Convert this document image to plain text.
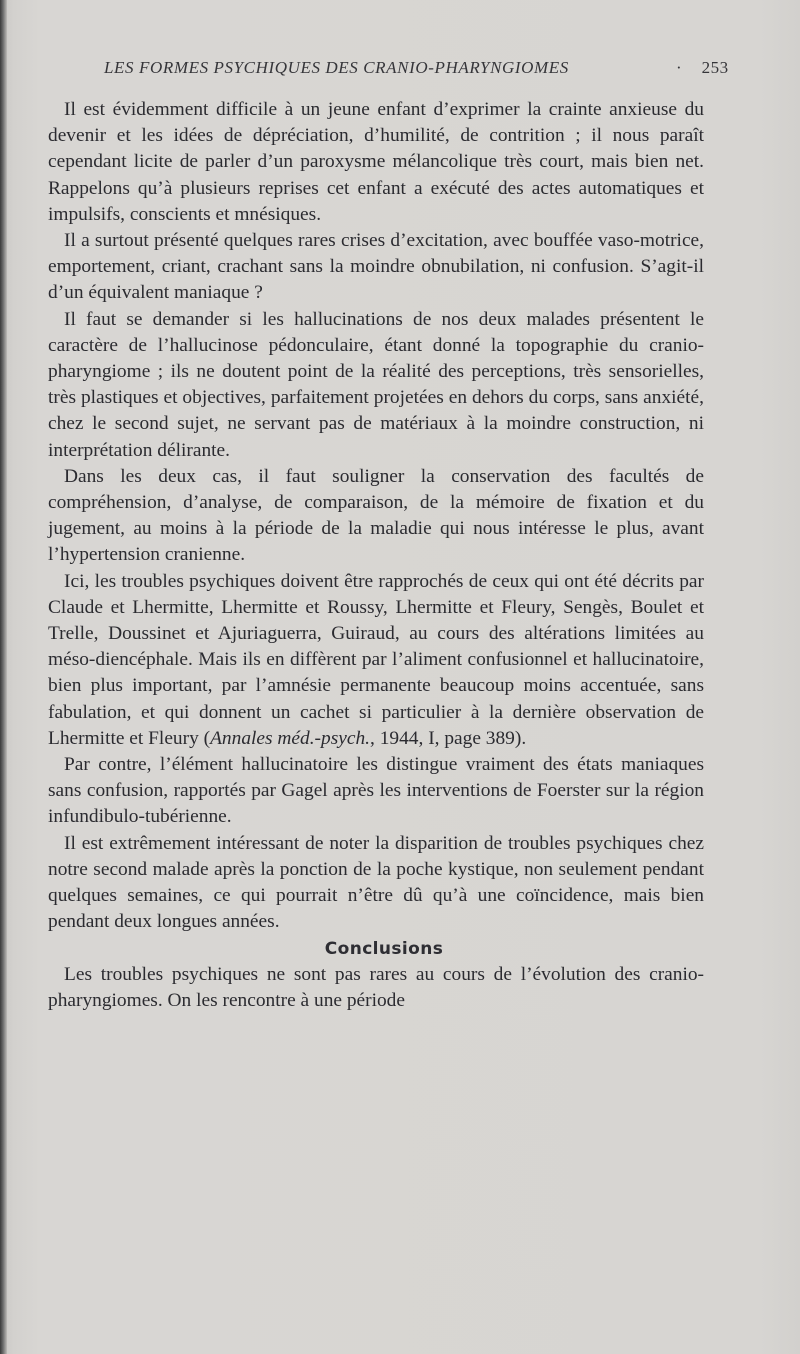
LES FORMES PSYCHIQUES DES CRANIO-PHARYNGIOMES	· 253

Il est évidemment difficile à un jeune enfant d’exprimer la crainte anxieuse du devenir et les idées de dépréciation, d’humilité, de contrition ; il nous paraît cependant licite de parler d’un paroxysme mélancolique très court, mais bien net. Rappelons qu’à plusieurs reprises cet enfant a exécuté des actes automatiques et impulsifs, conscients et mnésiques.

Il a surtout présenté quelques rares crises d’excitation, avec bouffée vaso-motrice, emportement, criant, crachant sans la moindre obnubilation, ni confusion. S’agit-il d’un équivalent maniaque ?

Il faut se demander si les hallucinations de nos deux malades présentent le caractère de l’hallucinose pédonculaire, étant donné la topographie du cranio-pharyngiome ; ils ne doutent point de la réalité des perceptions, très sensorielles, très plastiques et objectives, parfaitement projetées en dehors du corps, sans anxiété, chez le second sujet, ne servant pas de matériaux à la moindre construction, ni interprétation délirante.

Dans les deux cas, il faut souligner la conservation des facultés de compréhension, d’analyse, de comparaison, de la mémoire de fixation et du jugement, au moins à la période de la maladie qui nous intéresse le plus, avant l’hypertension cranienne.

Ici, les troubles psychiques doivent être rapprochés de ceux qui ont été décrits par Claude et Lhermitte, Lhermitte et Roussy, Lhermitte et Fleury, Sengès, Boulet et Trelle, Doussinet et Ajuriaguerra, Guiraud, au cours des altérations limitées au méso-diencéphale. Mais ils en diffèrent par l’aliment confusionnel et hallucinatoire, bien plus important, par l’amnésie permanente beaucoup moins accentuée, sans fabulation, et qui donnent un cachet si particulier à la dernière observation de Lhermitte et Fleury (Annales méd.-psych., 1944, I, page 389).

Par contre, l’élément hallucinatoire les distingue vraiment des états maniaques sans confusion, rapportés par Gagel après les interventions de Foerster sur la région infundibulo-tubérienne.

Il est extrêmement intéressant de noter la disparition de troubles psychiques chez notre second malade après la ponction de la poche kystique, non seulement pendant quelques semaines, ce qui pourrait n’être dû qu’à une coïncidence, mais bien pendant deux longues années.

Conclusions

Les troubles psychiques ne sont pas rares au cours de l’évolution des cranio-pharyngiomes. On les rencontre à une période
